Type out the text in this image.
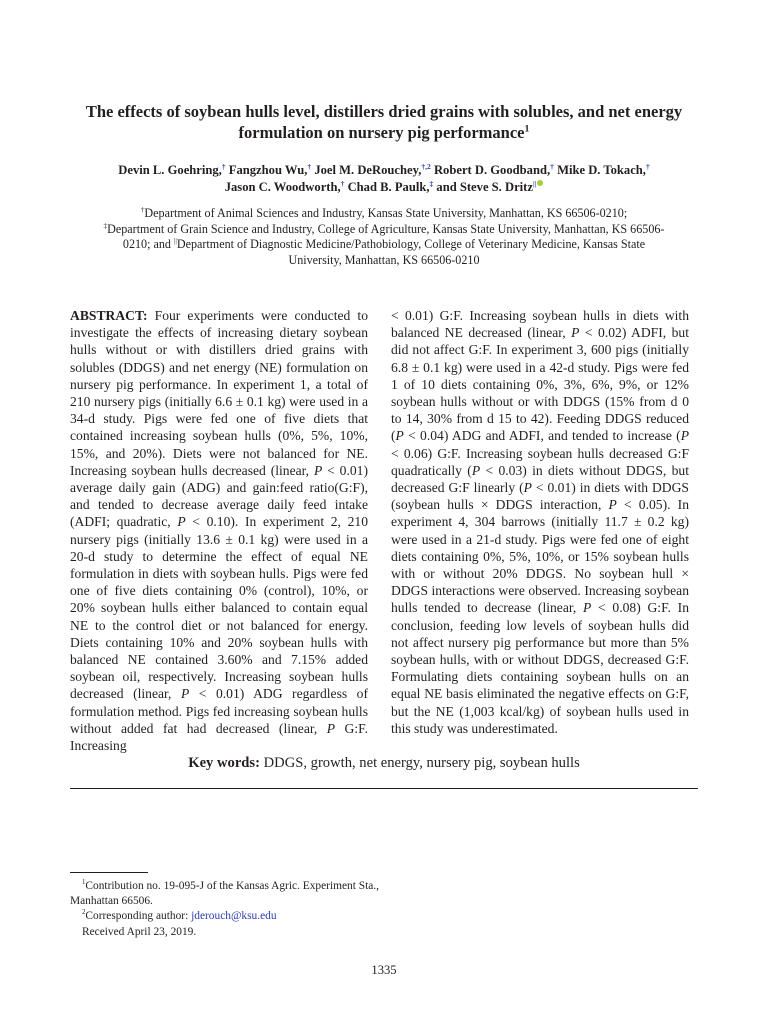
The effects of soybean hulls level, distillers dried grains with solubles, and net energy formulation on nursery pig performance$^1$
Devin L. Goehring,† Fangzhou Wu,† Joel M. DeRouchey,$^{\dagger,2}$ Robert D. Goodband,† Mike D. Tokach,†
Jason C. Woodworth,† Chad B. Paulk,‡ and Steve S. Dritz||

†Department of Animal Sciences and Industry, Kansas State University, Manhattan, KS 66506-0210;

‡Department of Grain Science and Industry, College of Agriculture, Kansas State University, Manhattan, KS 66506-0210; and ||Department of Diagnostic Medicine/Pathobiology, College of Veterinary Medicine, Kansas State University, Manhattan, KS 66506-0210

ABSTRACT: Four experiments were conducted to investigate the effects of increasing dietary soybean hulls without or with distillers dried grains with solubles (DDGS) and net energy (NE) formulation on nursery pig performance. In experiment 1, a total of 210 nursery pigs (initially 6.6 ± 0.1 kg) were used in a 34-d study. Pigs were fed one of five diets that contained increasing soybean hulls (0%, 5%, 10%, 15%, and 20%). Diets were not balanced for NE. Increasing soybean hulls decreased (linear, P < 0.01) average daily gain (ADG) and gain:feed ratio(G:F), and tended to decrease average daily feed intake (ADFI; quadratic, P < 0.10). In experiment 2, 210 nursery pigs (initially 13.6 ± 0.1 kg) were used in a 20-d study to determine the effect of equal NE formulation in diets with soybean hulls. Pigs were fed one of five diets containing 0% (control), 10%, or 20% soybean hulls either balanced to contain equal NE to the control diet or not balanced for energy. Diets containing 10% and 20% soybean hulls with balanced NE contained 3.60% and 7.15% added soybean oil, respectively. Increasing soybean hulls decreased (linear, P < 0.01) ADG regardless of formulation method. Pigs fed increasing soybean hulls without added fat had decreased (linear, P G:F. Increasing

< 0.01) G:F. Increasing soybean hulls in diets with balanced NE decreased (linear, P < 0.02) ADFI, but did not affect G:F. In experiment 3, 600 pigs (initially 6.8 ± 0.1 kg) were used in a 42-d study. Pigs were fed 1 of 10 diets containing 0%, 3%, 6%, 9%, or 12% soybean hulls without or with DDGS (15% from d 0 to 14, 30% from d 15 to 42). Feeding DDGS reduced (P < 0.04) ADG and ADFI, and tended to increase (P < 0.06) G:F. Increasing soybean hulls decreased G:F quadratically (P < 0.03) in diets without DDGS, but decreased G:F linearly (P < 0.01) in diets with DDGS (soybean hulls × DDGS interaction, P < 0.05). In experiment 4, 304 barrows (initially 11.7 ± 0.2 kg) were used in a 21-d study. Pigs were fed one of eight diets containing 0%, 5%, 10%, or 15% soybean hulls with or without 20% DDGS. No soybean hull × DDGS interactions were observed. Increasing soybean hulls tended to decrease (linear, P < 0.08) G:F. In conclusion, feeding low levels of soybean hulls did not affect nursery pig performance but more than 5% soybean hulls, with or without DDGS, decreased G:F. Formulating diets containing soybean hulls on an equal NE basis eliminated the negative effects on G:F, but the NE (1,003 kcal/kg) of soybean hulls used in this study was underestimated.

Key words: DDGS, growth, net energy, nursery pig, soybean hulls

$^1$Contribution no. 19-095-J of the Kansas Agric. Experiment Sta., Manhattan 66506.

$^2$Corresponding author: jderouch@ksu.edu

Received April 23, 2019.

1335
